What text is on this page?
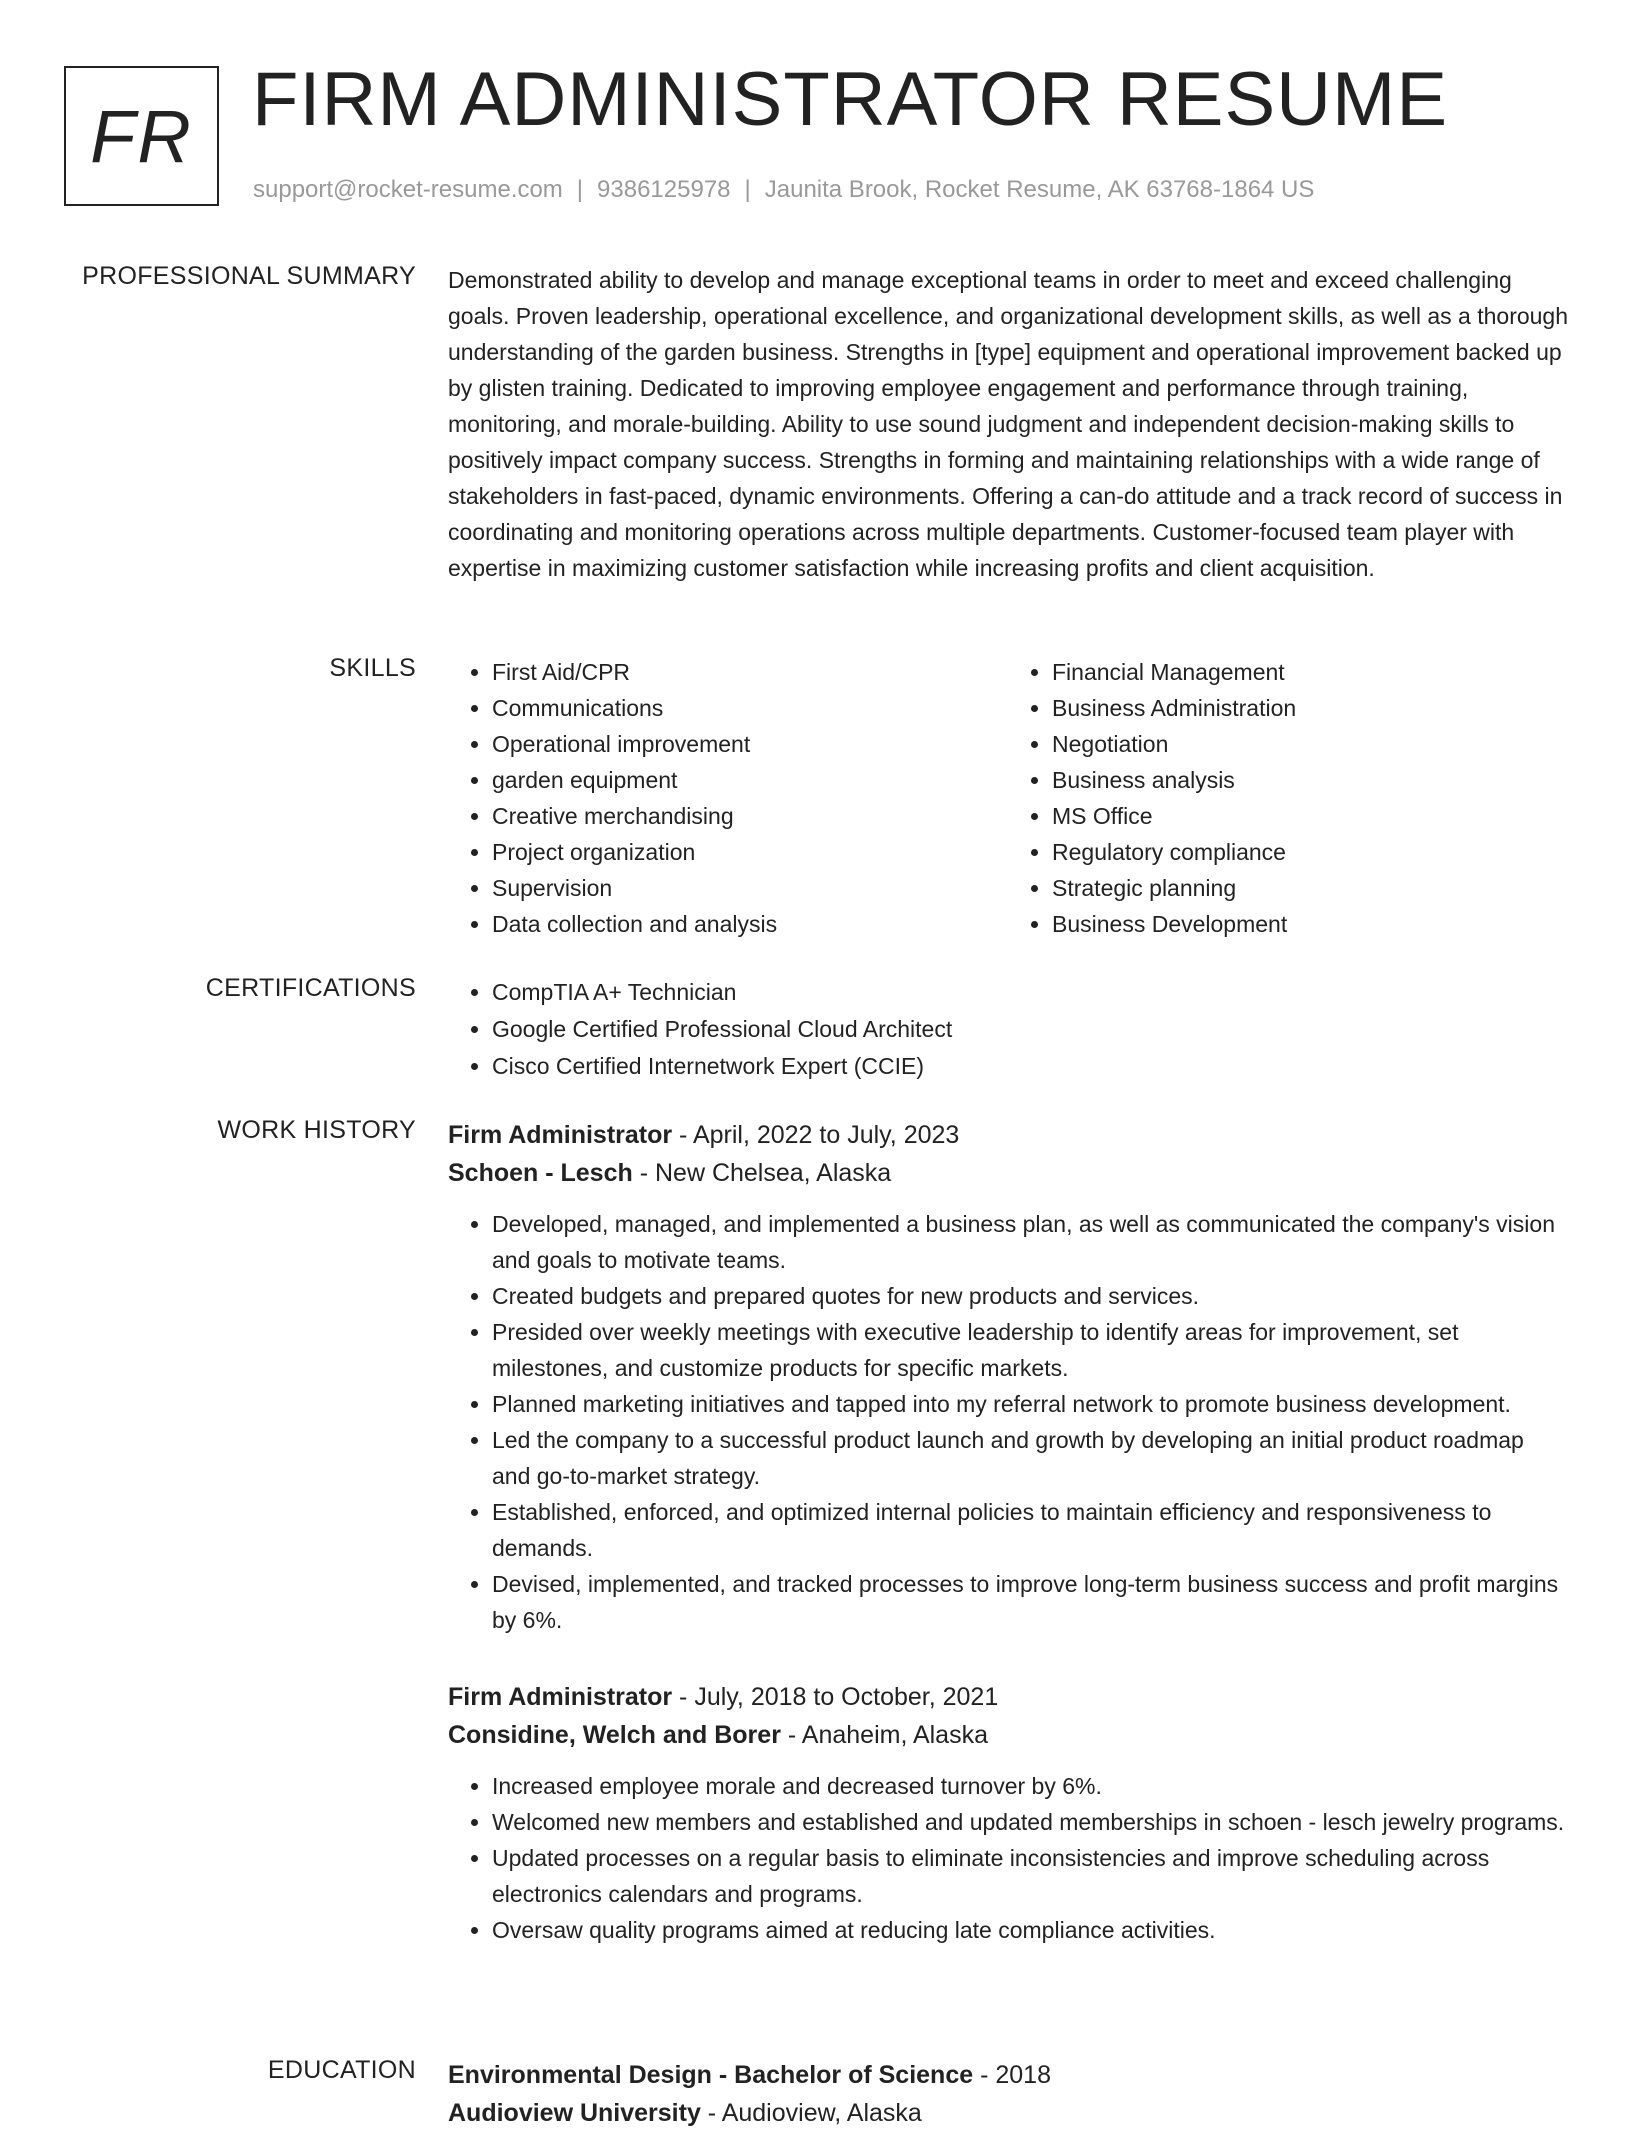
FR FIRM ADMINISTRATOR RESUME
support@rocket-resume.com | 9386125978 | Jaunita Brook, Rocket Resume, AK 63768-1864 US
PROFESSIONAL SUMMARY Demonstrated ability to develop and manage exceptional teams in order to meet and exceed challenging goals. Proven leadership, operational excellence, and organizational development skills, as well as a thorough understanding of the garden business. Strengths in [type] equipment and operational improvement backed up by glisten training. Dedicated to improving employee engagement and performance through training, monitoring, and morale-building. Ability to use sound judgment and independent decision-making skills to positively impact company success. Strengths in forming and maintaining relationships with a wide range of stakeholders in fast-paced, dynamic environments. Offering a can-do attitude and a track record of success in coordinating and monitoring operations across multiple departments. Customer-focused team player with expertise in maximizing customer satisfaction while increasing profits and client acquisition.

SKILLS	• First Aid/CPR
• Communications
• Operational improvement
• garden equipment
• Creative merchandising
• Project organization
• Supervision
• Data collection and analysis
• Financial Management
• Business Administration
• Negotiation
• Business analysis
• MS Office
• Regulatory compliance
• Strategic planning
• Business Development
CERTIFICATIONS	• CompTIA A+ Technician
• Google Certified Professional Cloud Architect
• Cisco Certified Internetwork Expert (CCIE)
WORK HISTORY Firm Administrator - April, 2022 to July, 2023
Schoen - Lesch - New Chelsea, Alaska
• Developed, managed, and implemented a business plan, as well as communicated the company's vision and goals to motivate teams.
• Created budgets and prepared quotes for new products and services.
• Presided over weekly meetings with executive leadership to identify areas for improvement, set milestones, and customize products for specific markets.
• Planned marketing initiatives and tapped into my referral network to promote business development.
• Led the company to a successful product launch and growth by developing an initial product roadmap and go-to-market strategy.
• Established, enforced, and optimized internal policies to maintain efficiency and responsiveness to demands.
• Devised, implemented, and tracked processes to improve long-term business success and profit margins by 6%.
Firm Administrator - July, 2018 to October, 2021
Considine, Welch and Borer - Anaheim, Alaska
• Increased employee morale and decreased turnover by 6%.
• Welcomed new members and established and updated memberships in schoen - lesch jewelry programs.
• Updated processes on a regular basis to eliminate inconsistencies and improve scheduling across electronics calendars and programs.
• Oversaw quality programs aimed at reducing late compliance activities.
EDUCATION Environmental Design - Bachelor of Science - 2018
Audioview University - Audioview, Alaska
